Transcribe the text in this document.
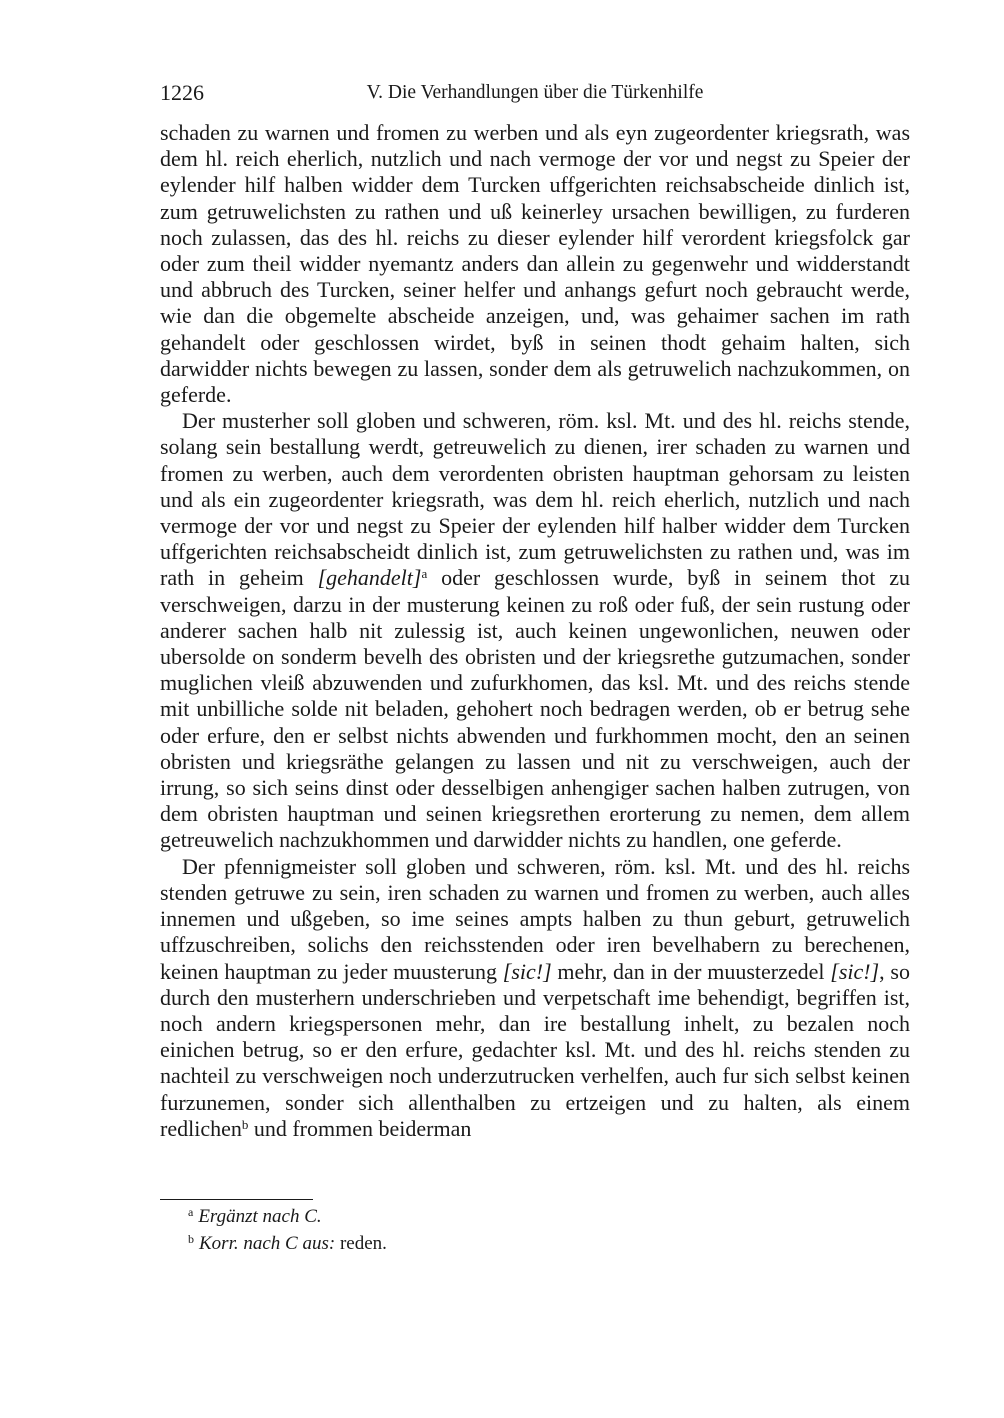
1226	V. Die Verhandlungen über die Türkenhilfe

schaden zu warnen und fromen zu werben und als eyn zugeordenter kriegsrath, was dem hl. reich eherlich, nutzlich und nach vermoge der vor und negst zu Speier der eylender hilf halben widder dem Turcken uffgerichten reichsabscheide dinlich ist, zum getruwelichsten zu rathen und uß keinerley ursachen bewilligen, zu furderen noch zulassen, das des hl. reichs zu dieser eylender hilf verordent kriegsfolck gar oder zum theil widder nyemantz anders dan allein zu gegenwehr und widderstandt und abbruch des Turcken, seiner helfer und anhangs gefurt noch gebraucht werde, wie dan die obgemelte abscheide anzeigen, und, was gehaimer sachen im rath gehandelt oder geschlossen wirdet, byß in seinen thodt gehaim halten, sich darwidder nichts bewegen zu lassen, sonder dem als getruwelich nachzukommen, on geferde.

Der musterher soll globen und schweren, röm. ksl. Mt. und des hl. reichs stende, solang sein bestallung werdt, getreuwelich zu dienen, irer schaden zu warnen und fromen zu werben, auch dem verordenten obristen hauptman gehorsam zu leisten und als ein zugeordenter kriegsrath, was dem hl. reich eherlich, nutzlich und nach vermoge der vor und negst zu Speier der eylenden hilf halber widder dem Turcken uffgerichten reichsabscheidt dinlich ist, zum getruwelichsten zu rathen und, was im rath in geheim [gehandelt]$^a$ oder geschlossen wurde, byß in seinem thot zu verschweigen, darzu in der musterung keinen zu roß oder fuß, der sein rustung oder anderer sachen halb nit zulessig ist, auch keinen ungewonlichen, neuwen oder ubersolde on sonderm bevelh des obristen und der kriegsrethe gutzumachen, sonder muglichen vleiß abzuwenden und zufurkhomen, das ksl. Mt. und des reichs stende mit unbilliche solde nit beladen, gehohert noch bedragen werden, ob er betrug sehe oder erfure, den er selbst nichts abwenden und furkhommen mocht, den an seinen obristen und kriegsräthe gelangen zu lassen und nit zu verschweigen, auch der irrung, so sich seins dinst oder desselbigen anhengiger sachen halben zutrugen, von dem obristen hauptman und seinen kriegsrethen erorterung zu nemen, dem allem getreuwelich nachzukhommen und darwidder nichts zu handlen, one geferde.

Der pfennigmeister soll globen und schweren, röm. ksl. Mt. und des hl. reichs stenden getruwe zu sein, iren schaden zu warnen und fromen zu werben, auch alles innemen und ußgeben, so ime seines ampts halben zu thun geburt, getruwelich uffzuschreiben, solichs den reichsstenden oder iren bevelhabern zu berechenen, keinen hauptman zu jeder muusterung [sic!] mehr, dan in der muusterzedel [sic!], so durch den musterhern underschrieben und verpetschaft ime behendigt, begriffen ist, noch andern kriegspersonen mehr, dan ire bestallung inhelt, zu bezalen noch einichen betrug, so er den erfure, gedachter ksl. Mt. und des hl. reichs stenden zu nachteil zu verschweigen noch underzutrucken verhelfen, auch fur sich selbst keinen furzunemen, sonder sich allenthalben zu ertzeigen und zu halten, als einem redlichen$^b$ und frommen beiderman

$^a$ Ergänzt nach C.
$^b$ Korr. nach C aus: reden.
